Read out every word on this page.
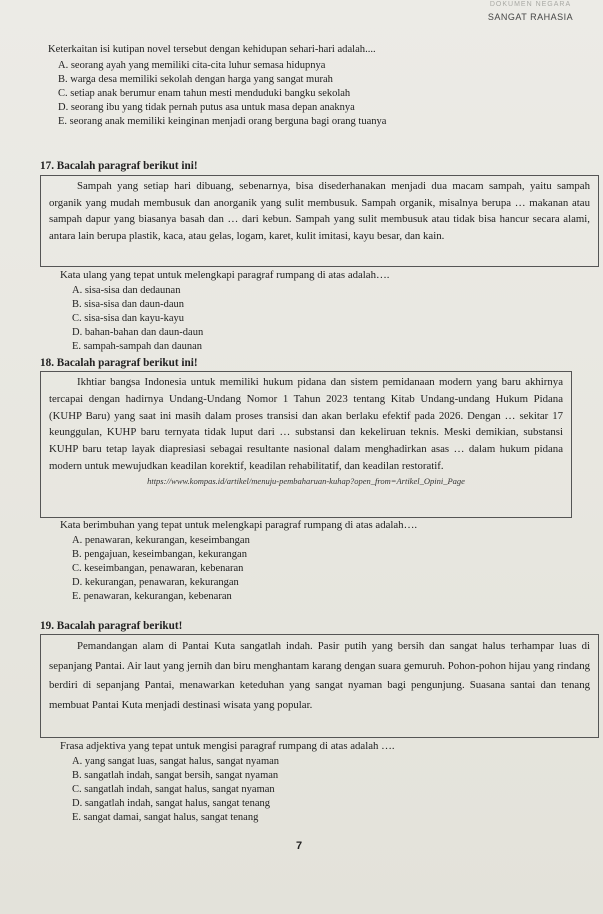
DOKUMEN NEGARA
SANGAT RAHASIA
Keterkaitan isi kutipan novel tersebut dengan kehidupan sehari-hari adalah....
A. seorang ayah yang memiliki cita-cita luhur semasa hidupnya
B. warga desa memiliki sekolah dengan harga yang sangat murah
C. setiap anak berumur enam tahun mesti menduduki bangku sekolah
D. seorang ibu yang tidak pernah putus asa untuk masa depan anaknya
E. seorang anak memiliki keinginan menjadi orang berguna bagi orang tuanya
17. Bacalah paragraf berikut ini!

Sampah yang setiap hari dibuang, sebenarnya, bisa disederhanakan menjadi dua macam sampah, yaitu sampah organik yang mudah membusuk dan anorganik yang sulit membusuk. Sampah organik, misalnya berupa … makanan atau sampah dapur yang biasanya basah dan … dari kebun. Sampah yang sulit membusuk atau tidak bisa hancur secara alami, antara lain berupa plastik, kaca, atau gelas, logam, karet, kulit imitasi, kayu besar, dan kain.

Kata ulang yang tepat untuk melengkapi paragraf rumpang di atas adalah….
A. sisa-sisa dan dedaunan
B. sisa-sisa dan daun-daun
C. sisa-sisa dan kayu-kayu
D. bahan-bahan dan daun-daun
E. sampah-sampah dan daunan
18. Bacalah paragraf berikut ini!

Ikhtiar bangsa Indonesia untuk memiliki hukum pidana dan sistem pemidanaan modern yang baru akhirnya tercapai dengan hadirnya Undang-Undang Nomor 1 Tahun 2023 tentang Kitab Undang-undang Hukum Pidana (KUHP Baru) yang saat ini masih dalam proses transisi dan akan berlaku efektif pada 2026. Dengan … sekitar 17 keunggulan, KUHP baru ternyata tidak luput dari … substansi dan kekeliruan teknis. Meski demikian, substansi KUHP baru tetap layak diapresiasi sebagai resultante nasional dalam menghadirkan asas … dalam hukum pidana modern untuk mewujudkan keadilan korektif, keadilan rehabilitatif, dan keadilan restoratif.

https://www.kompas.id/artikel/menuju-pembaharuan-kuhap?open_from=Artikel_Opini_Page
Kata berimbuhan yang tepat untuk melengkapi paragraf rumpang di atas adalah….
A. penawaran, kekurangan, keseimbangan
B. pengajuan, keseimbangan, kekurangan
C. keseimbangan, penawaran, kebenaran
D. kekurangan, penawaran, kekurangan
E. penawaran, kekurangan, kebenaran
19. Bacalah paragraf berikut!

Pemandangan alam di Pantai Kuta sangatlah indah. Pasir putih yang bersih dan sangat halus terhampar luas di sepanjang Pantai. Air laut yang jernih dan biru menghantam karang dengan suara gemuruh. Pohon-pohon hijau yang rindang berdiri di sepanjang Pantai, menawarkan keteduhan yang sangat nyaman bagi pengunjung. Suasana santai dan tenang membuat Pantai Kuta menjadi destinasi wisata yang popular.

Frasa adjektiva yang tepat untuk mengisi paragraf rumpang di atas adalah ….
A. yang sangat luas, sangat halus, sangat nyaman
B. sangatlah indah, sangat bersih, sangat nyaman
C. sangatlah indah, sangat halus, sangat nyaman
D. sangatlah indah, sangat halus, sangat tenang
E. sangat damai, sangat halus, sangat tenang
7
